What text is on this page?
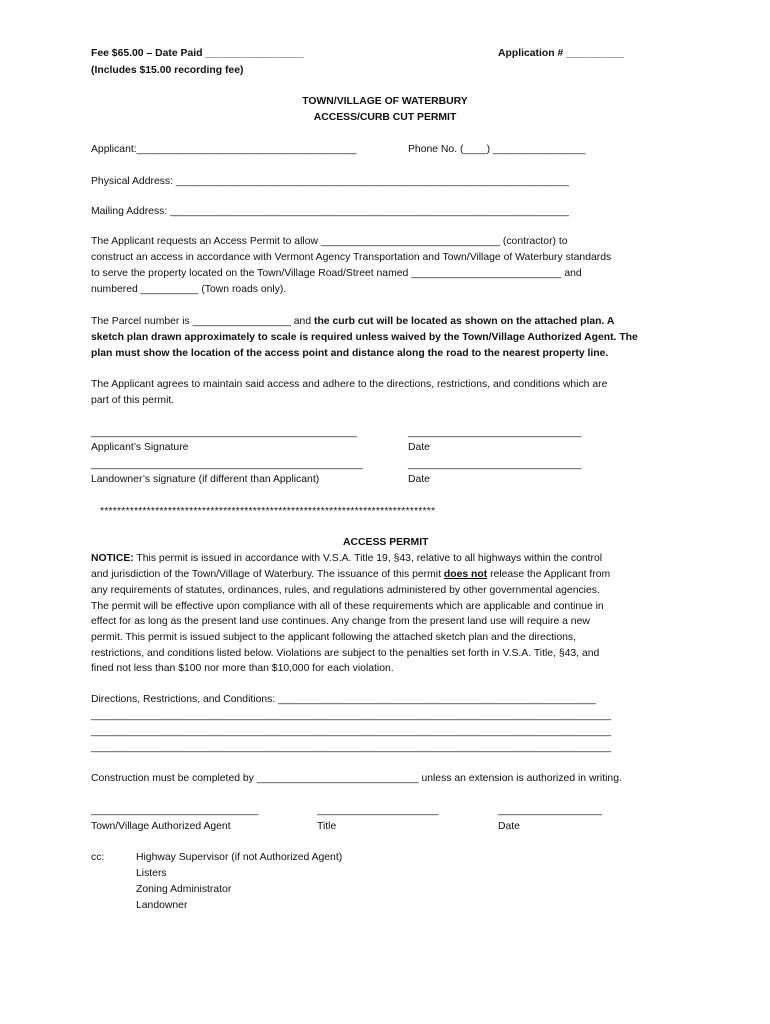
Fee $65.00 – Date Paid _________________
(Includes $15.00 recording fee)
Application # __________
TOWN/VILLAGE OF WATERBURY
ACCESS/CURB CUT PERMIT
Applicant:______________________________________	Phone No. (____) ________________
Physical Address: ____________________________________________________________________
Mailing Address: _____________________________________________________________________
The Applicant requests an Access Permit to allow _______________________________ (contractor) to
construct an access in accordance with Vermont Agency Transportation and Town/Village of Waterbury standards
to serve the property located on the Town/Village Road/Street named __________________________ and
numbered __________ (Town roads only).
The Parcel number is _________________ and the curb cut will be located as shown on the attached plan. A
sketch plan drawn approximately to scale is required unless waived by the Town/Village Authorized Agent. The
plan must show the location of the access point and distance along the road to the nearest property line.
The Applicant agrees to maintain said access and adhere to the directions, restrictions, and conditions which are
part of this permit.
______________________________________________	______________________________
Applicant’s Signature	Date
_______________________________________________	______________________________
Landowner’s signature (if different than Applicant)	Date
*******************************************************************************
ACCESS PERMIT
NOTICE: This permit is issued in accordance with V.S.A. Title 19, §43, relative to all highways within the control
and jurisdiction of the Town/Village of Waterbury. The issuance of this permit does not release the Applicant from
any requirements of statutes, ordinances, rules, and regulations administered by other governmental agencies.
The permit will be effective upon compliance with all of these requirements which are applicable and continue in
effect for as long as the present land use continues. Any change from the present land use will require a new
permit. This permit is issued subject to the applicant following the attached sketch plan and the directions,
restrictions, and conditions listed below. Violations are subject to the penalties set forth in V.S.A. Title, §43, and
fined not less than $100 nor more than $10,000 for each violation.
Directions, Restrictions, and Conditions: _______________________________________________________
__________________________________________________________________________________________
__________________________________________________________________________________________
__________________________________________________________________________________________
Construction must be completed by ____________________________ unless an extension is authorized in writing.
_____________________________	_____________________	__________________
Town/Village Authorized Agent	Title	Date
cc:	Highway Supervisor (if not Authorized Agent)
Listers
Zoning Administrator
Landowner
